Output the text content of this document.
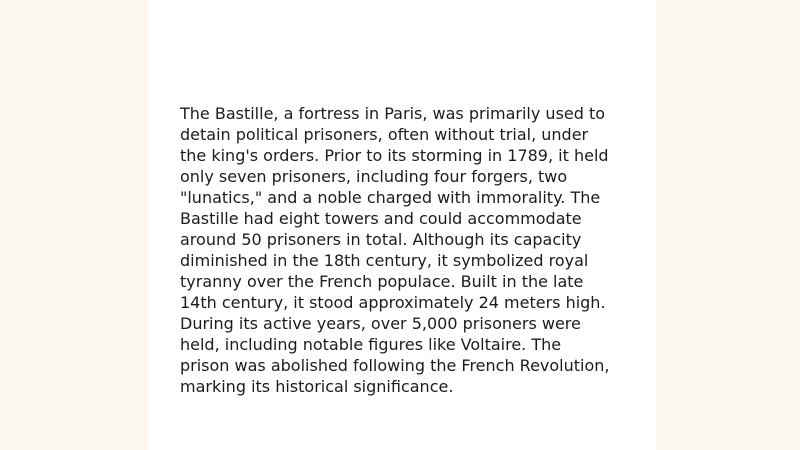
The Bastille, a fortress in Paris, was primarily used to
detain political prisoners, often without trial, under
the king's orders. Prior to its storming in 1789, it held
only seven prisoners, including four forgers, two
"lunatics," and a noble charged with immorality. The
Bastille had eight towers and could accommodate
around 50 prisoners in total. Although its capacity
diminished in the 18th century, it symbolized royal
tyranny over the French populace. Built in the late
14th century, it stood approximately 24 meters high.
During its active years, over 5,000 prisoners were
held, including notable figures like Voltaire. The
prison was abolished following the French Revolution,
marking its historical significance.
